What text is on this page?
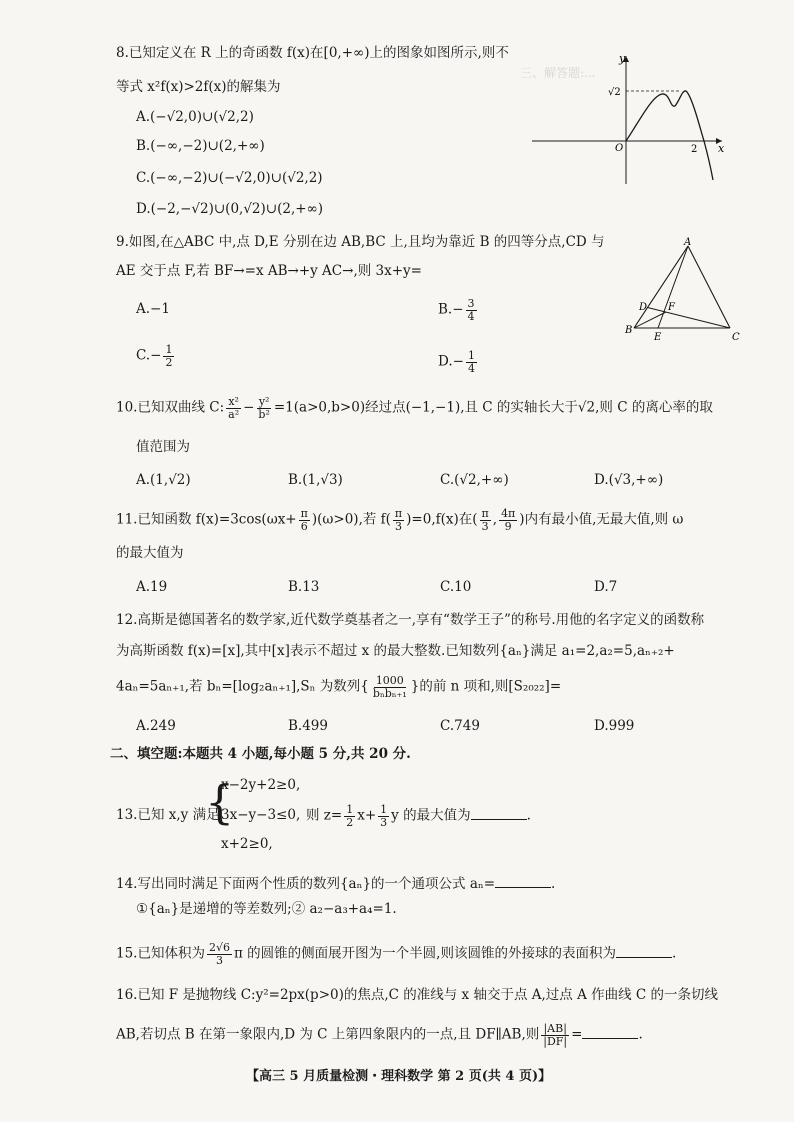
三、解答题:...
8.已知定义在 R 上的奇函数 f(x)在[0,+∞)上的图象如图所示,则不
等式 x²f(x)>2f(x)的解集为
A.(−√2,0)∪(√2,2)
B.(−∞,−2)∪(2,+∞)
C.(−∞,−2)∪(−√2,0)∪(√2,2)
D.(−2,−√2)∪(0,√2)∪(2,+∞)
y
x
O
√2
2
9.如图,在△ABC 中,点 D,E 分别在边 AB,BC 上,且均为靠近 B 的四等分点,CD 与
AE 交于点 F,若 BF→=x AB→+y AC→,则 3x+y=
A.−1	$B.- \frac{3}{4}$
$C.- \frac{1}{2}$	$D.- \frac{1}{4}$
A
B
C
D
E
F
10.已知双曲线 C: $\frac{\text{x²}}{\text{a²}} - \frac{\text{y²}}{\text{b²}} =1(a>0,b>0)$经过点(−1,−1),且 C 的实轴长大于√2,则 C 的离心率的取
值范围为
A.(1,√2)	B.(1,√3)	C.(√2,+∞)	D.(√3,+∞)
11.已知函数 $f(x)=3\cos(\omega x+ \frac{\pi}{6} )(\omega>0)$,若 $f( \frac{\pi}{3} )=0,f(x)$在( $\frac{\pi}{3}$ , $\frac{4\pi}{9}$ )内有最小值,无最大值,则 ω
的最大值为
A.19	B.13	C.10	D.7
12.高斯是德国著名的数学家,近代数学奠基者之一,享有“数学王子”的称号.用他的名字定义的函数称
为高斯函数 f(x)=[x],其中[x]表示不超过 x 的最大整数.已知数列{aₙ}满足 a₁=2,a₂=5,aₙ₊₂+
4aₙ=5aₙ₊₁,若 bₙ=[log₂aₙ₊₁],Sₙ 为数列{ $\frac{1000}{\text{bₙbₙ₊₁}}$ }的前 n 项和,则[S₂₀₂₂]=
A.249	B.499	C.749	D.999
二、填空题:本题共 4 小题,每小题 5 分,共 20 分.
13.已知 x,y 满足
{
x−2y+2≥0,
3x−y−3≤0,
x+2≥0,
则 $z= \frac{1}{2} x+ \frac{1}{3}$ y 的最大值为	.
14.写出同时满足下面两个性质的数列{aₙ}的一个通项公式 aₙ=	.
①{aₙ}是递增的等差数列;② a₂−a₃+a₄=1.
15.已知体积为 $\frac{2√6}{3}$ π 的圆锥的侧面展开图为一个半圆,则该圆锥的外接球的表面积为	.
16.已知 F 是抛物线 C:y²=2px(p>0)的焦点,C 的准线与 x 轴交于点 A,过点 A 作曲线 C 的一条切线
AB,若切点 B 在第一象限内,D 为 C 上第四象限内的一点,且 DF∥AB,则 $\frac{|AB|}{|DF|}$ =	.
【高三 5 月质量检测・理科数学 第 2 页(共 4 页)】
